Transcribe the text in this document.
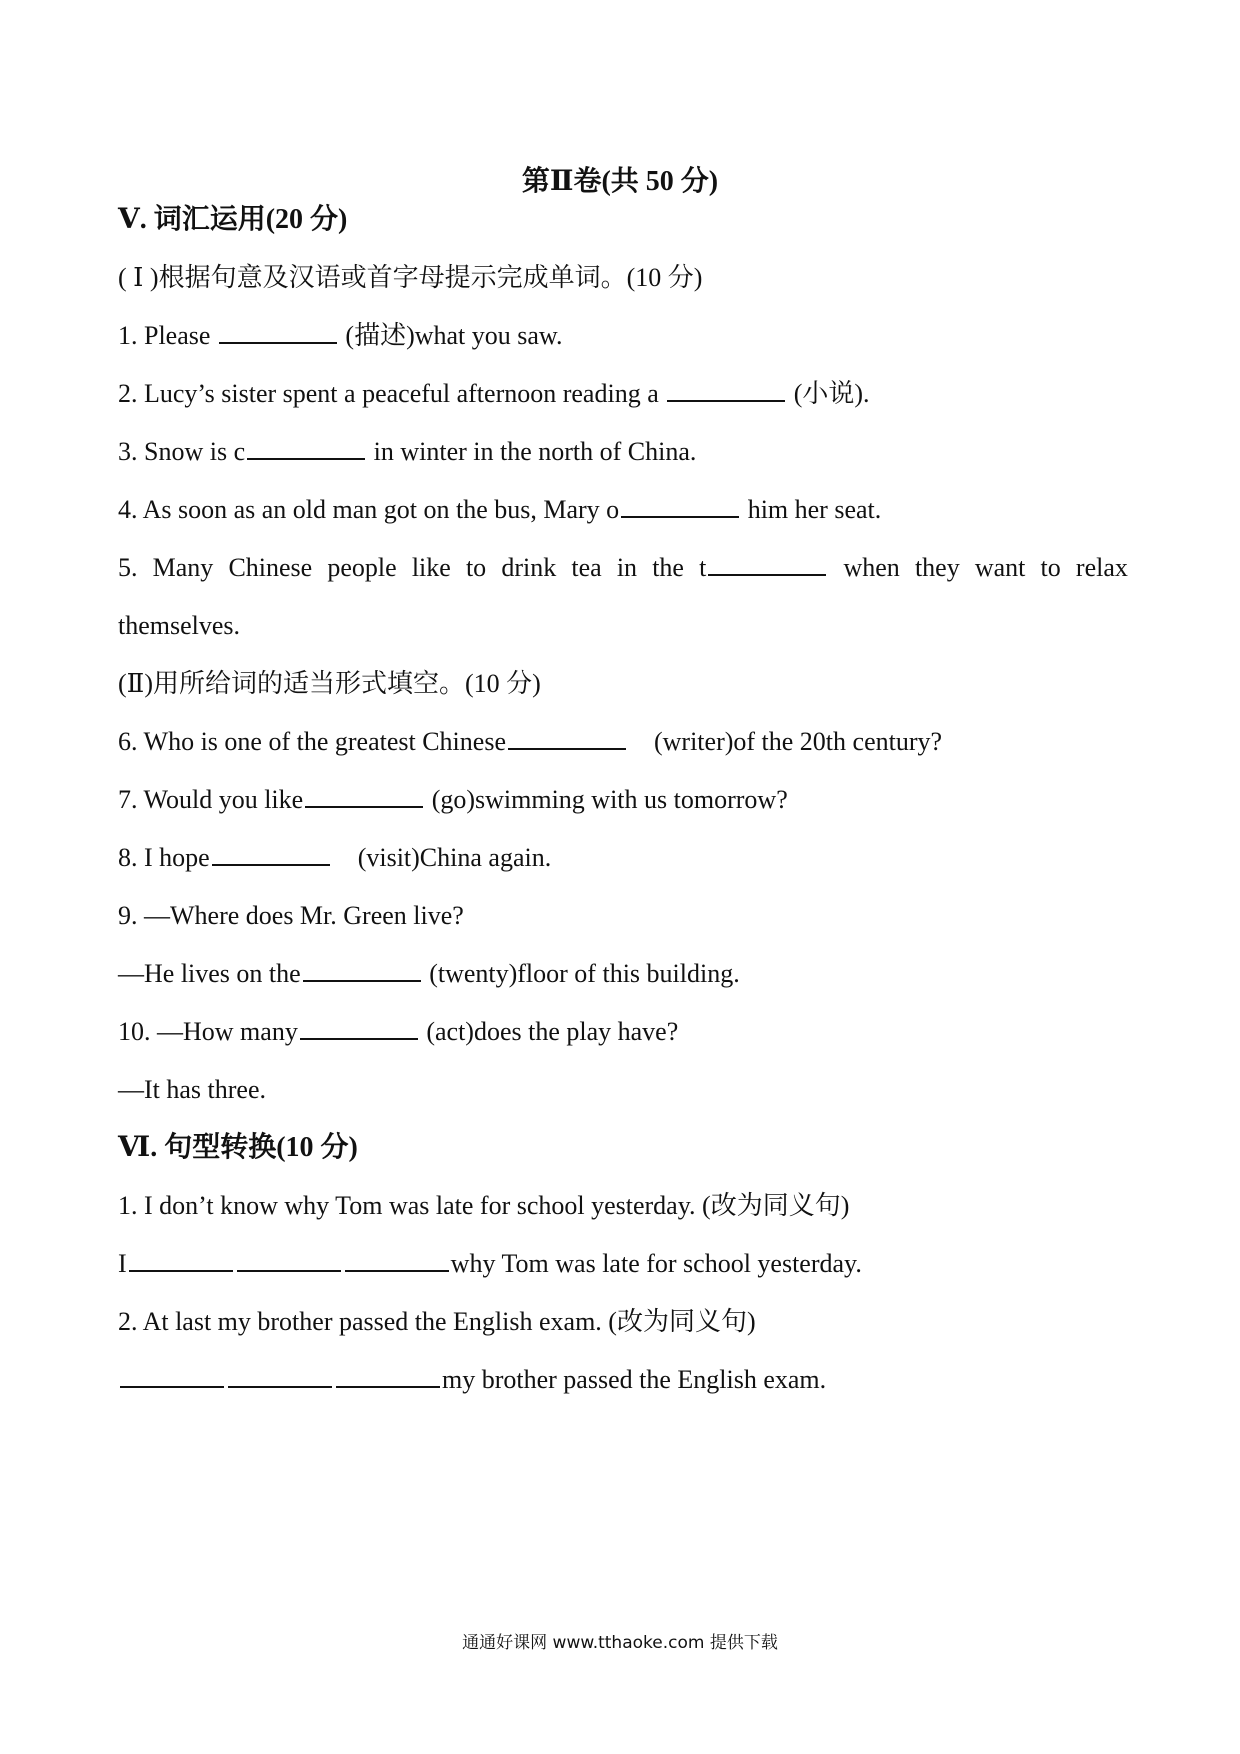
第Ⅱ卷(共 50 分)
Ⅴ. 词汇运用(20 分)
( Ⅰ )根据句意及汉语或首字母提示完成单词。(10 分)
1. Please	(描述)what you saw.
2. Lucy’s sister spent a peaceful afternoon reading a	(小说).
3. Snow is c	in winter in the north of China.
4. As soon as an old man got on the bus, Mary o	him her seat.
5. Many Chinese people like to drink tea in the t	when they want to relax
themselves.
(Ⅱ)用所给词的适当形式填空。(10 分)
6. Who is one of the greatest Chinese	(writer)of the 20th century?
7. Would you like	(go)swimming with us tomorrow?
8. I hope	(visit)China again.
9. —Where does Mr. Green live?
—He lives on the	(twenty)floor of this building.
10. —How many	(act)does the play have?
—It has three.
Ⅵ. 句型转换(10 分)
1. I don’t know why Tom was late for school yesterday. (改为同义句)
I	why Tom was late for school yesterday.
2. At last my brother passed the English exam. (改为同义句)
my brother passed the English exam.
通通好课网 www.tthaoke.com 提供下载
